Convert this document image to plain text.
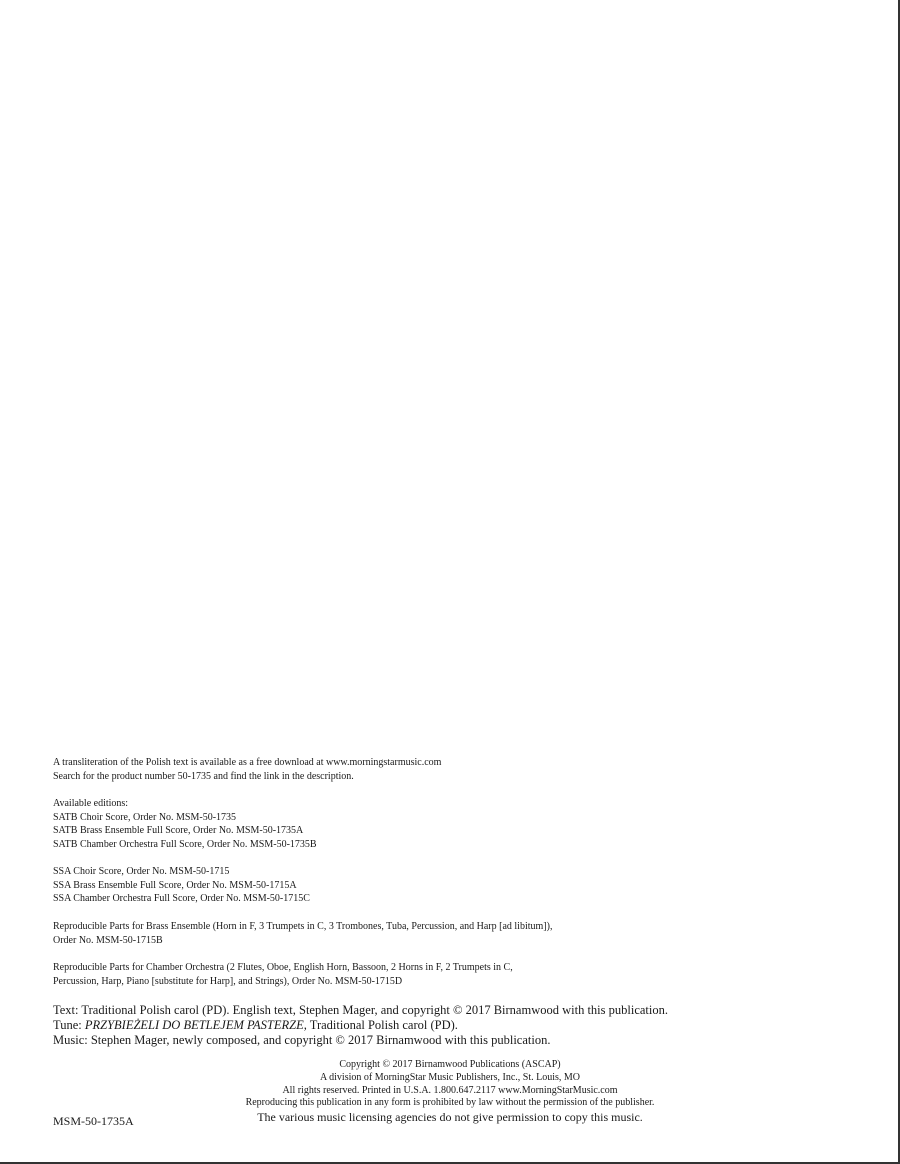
A transliteration of the Polish text is available as a free download at www.morningstarmusic.com

Search for the product number 50-1735 and find the link in the description.

Available editions:

SATB Choir Score, Order No. MSM-50-1735

SATB Brass Ensemble Full Score, Order No. MSM-50-1735A

SATB Chamber Orchestra Full Score, Order No. MSM-50-1735B

SSA Choir Score, Order No. MSM-50-1715

SSA Brass Ensemble Full Score, Order No. MSM-50-1715A

SSA Chamber Orchestra Full Score, Order No. MSM-50-1715C

Reproducible Parts for Brass Ensemble (Horn in F, 3 Trumpets in C, 3 Trombones, Tuba, Percussion, and Harp [ad libitum]),

Order No. MSM-50-1715B

Reproducible Parts for Chamber Orchestra (2 Flutes, Oboe, English Horn, Bassoon, 2 Horns in F, 2 Trumpets in C,

Percussion, Harp, Piano [substitute for Harp], and Strings), Order No. MSM-50-1715D

Text: Traditional Polish carol (PD). English text, Stephen Mager, and copyright © 2017 Birnamwood with this publication.

Tune: PRZYBIEŻELI DO BETLEJEM PASTERZE, Traditional Polish carol (PD).

Music: Stephen Mager, newly composed, and copyright © 2017 Birnamwood with this publication.

Copyright © 2017 Birnamwood Publications (ASCAP)

A division of MorningStar Music Publishers, Inc., St. Louis, MO

All rights reserved. Printed in U.S.A. 1.800.647.2117 www.MorningStarMusic.com

Reproducing this publication in any form is prohibited by law without the permission of the publisher.

The various music licensing agencies do not give permission to copy this music.

MSM-50-1735A
